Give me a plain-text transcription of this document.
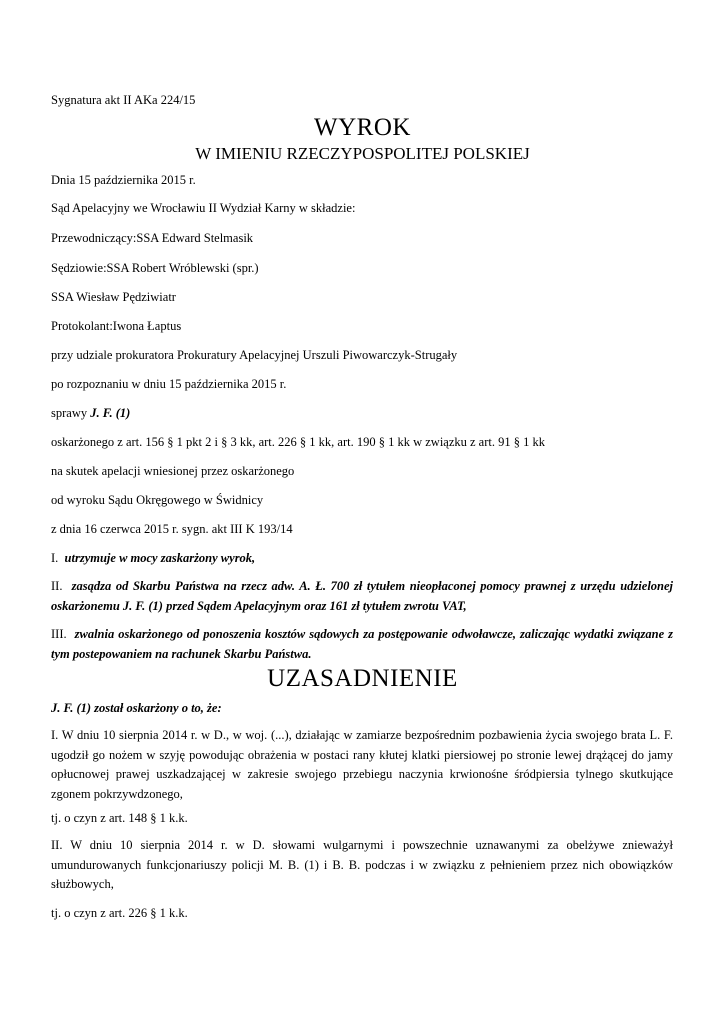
Sygnatura akt II AKa 224/15
WYROK
W IMIENIU RZECZYPOSPOLITEJ POLSKIEJ
Dnia 15 października 2015 r.
Sąd Apelacyjny we Wrocławiu II Wydział Karny w składzie:
Przewodniczący:SSA Edward Stelmasik
Sędziowie:SSA Robert Wróblewski (spr.)
SSA Wiesław Pędziwiatr
Protokolant:Iwona Łaptus
przy udziale prokuratora Prokuratury Apelacyjnej Urszuli Piwowarczyk-Strugały
po rozpoznaniu w dniu 15 października 2015 r.
sprawy J. F. (1)
oskarżonego z art. 156 § 1 pkt 2 i § 3 kk, art. 226 § 1 kk, art. 190 § 1 kk w związku z art. 91 § 1 kk
na skutek apelacji wniesionej przez oskarżonego
od wyroku Sądu Okręgowego w Świdnicy
z dnia 16 czerwca 2015 r. sygn. akt III K 193/14
I. utrzymuje w mocy zaskarżony wyrok,
II. zasądza od Skarbu Państwa na rzecz adw. A. Ł. 700 zł tytułem nieopłaconej pomocy prawnej z urzędu udzielonej oskarżonemu J. F. (1) przed Sądem Apelacyjnym oraz 161 zł tytułem zwrotu VAT,
III. zwalnia oskarżonego od ponoszenia kosztów sądowych za postępowanie odwoławcze, zaliczając wydatki związane z tym postepowaniem na rachunek Skarbu Państwa.
UZASADNIENIE
J. F. (1) został oskarżony o to, że:
I. W dniu 10 sierpnia 2014 r. w D., w woj. (...), działając w zamiarze bezpośrednim pozbawienia życia swojego brata L. F. ugodził go nożem w szyję powodując obrażenia w postaci rany kłutej klatki piersiowej po stronie lewej drążącej do jamy opłucnowej prawej uszkadzającej w zakresie swojego przebiegu naczynia krwionośne śródpiersia tylnego skutkujące zgonem pokrzywdzonego,
tj. o czyn z art. 148 § 1 k.k.
II. W dniu 10 sierpnia 2014 r. w D. słowami wulgarnymi i powszechnie uznawanymi za obelżywe znieważył umundurowanych funkcjonariuszy policji M. B. (1) i B. B. podczas i w związku z pełnieniem przez nich obowiązków służbowych,
tj. o czyn z art. 226 § 1 k.k.
